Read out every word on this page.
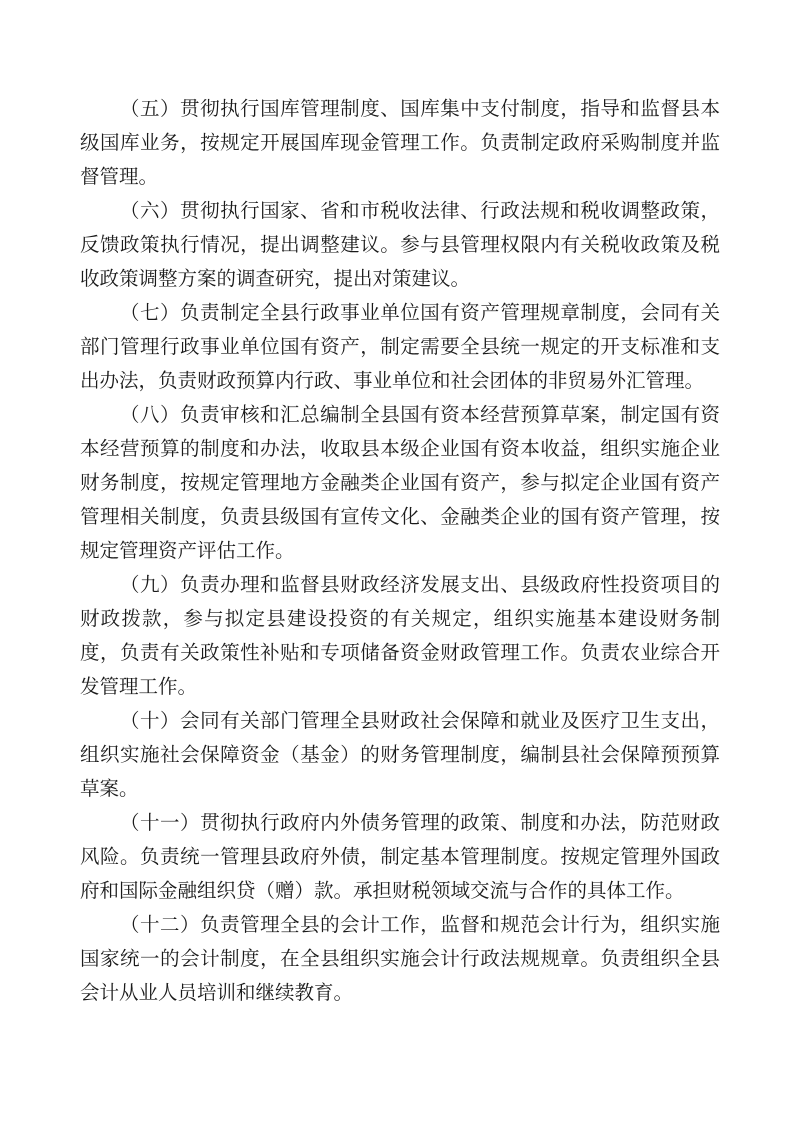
（五）贯彻执行国库管理制度、国库集中支付制度，指导和监督县本级国库业务，按规定开展国库现金管理工作。负责制定政府采购制度并监督管理。

（六）贯彻执行国家、省和市税收法律、行政法规和税收调整政策，反馈政策执行情况，提出调整建议。参与县管理权限内有关税收政策及税收政策调整方案的调查研究，提出对策建议。

（七）负责制定全县行政事业单位国有资产管理规章制度，会同有关部门管理行政事业单位国有资产，制定需要全县统一规定的开支标准和支出办法，负责财政预算内行政、事业单位和社会团体的非贸易外汇管理。

（八）负责审核和汇总编制全县国有资本经营预算草案，制定国有资本经营预算的制度和办法，收取县本级企业国有资本收益，组织实施企业财务制度，按规定管理地方金融类企业国有资产，参与拟定企业国有资产管理相关制度，负责县级国有宣传文化、金融类企业的国有资产管理，按规定管理资产评估工作。

（九）负责办理和监督县财政经济发展支出、县级政府性投资项目的财政拨款，参与拟定县建设投资的有关规定，组织实施基本建设财务制度，负责有关政策性补贴和专项储备资金财政管理工作。负责农业综合开发管理工作。

（十）会同有关部门管理全县财政社会保障和就业及医疗卫生支出，组织实施社会保障资金（基金）的财务管理制度，编制县社会保障预预算草案。

（十一）贯彻执行政府内外债务管理的政策、制度和办法，防范财政风险。负责统一管理县政府外债，制定基本管理制度。按规定管理外国政府和国际金融组织贷（赠）款。承担财税领域交流与合作的具体工作。

（十二）负责管理全县的会计工作，监督和规范会计行为，组织实施国家统一的会计制度，在全县组织实施会计行政法规规章。负责组织全县会计从业人员培训和继续教育。
